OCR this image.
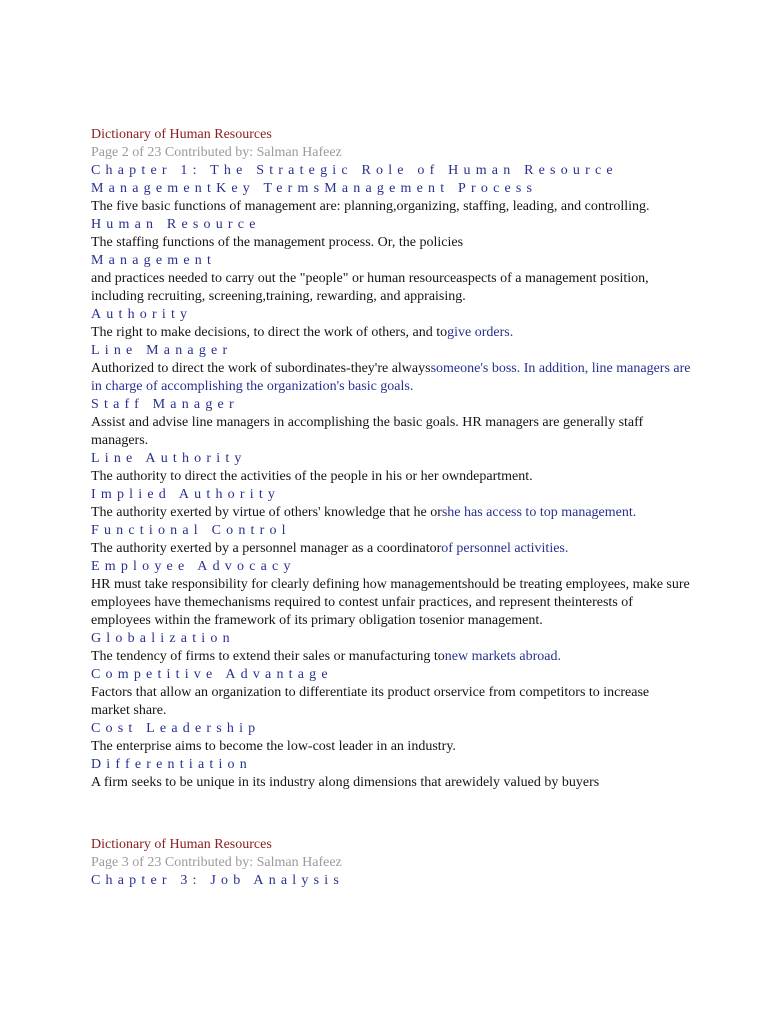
Dictionary of Human Resources
Page 2 of 23 Contributed by: Salman Hafeez
Chapter 1: The Strategic Role of Human Resource
ManagementKey TermsManagement Process
The five basic functions of management are: planning,organizing, staffing, leading, and controlling.
Human Resource
The staffing functions of the management process. Or, the policies
Management
and practices needed to carry out the "people" or human resourceaspects of a management position, including recruiting, screening,training, rewarding, and appraising.
Authority
The right to make decisions, to direct the work of others, and togive orders.
Line Manager
Authorized to direct the work of subordinates-they're alwayssomeone's boss. In addition, line managers are in charge of accomplishing the organization's basic goals.
Staff Manager
Assist and advise line managers in accomplishing the basic goals. HR managers are generally staff managers.
Line Authority
The authority to direct the activities of the people in his or her owndepartment.
Implied Authority
The authority exerted by virtue of others' knowledge that he orshe has access to top management.
Functional Control
The authority exerted by a personnel manager as a coordinatorof personnel activities.
Employee Advocacy
HR must take responsibility for clearly defining how managementshould be treating employees, make sure employees have themechanisms required to contest unfair practices, and represent theinterests of employees within the framework of its primary obligation tosenior management.
Globalization
The tendency of firms to extend their sales or manufacturing tonew markets abroad.
Competitive Advantage
Factors that allow an organization to differentiate its product orservice from competitors to increase market share.
Cost Leadership
The enterprise aims to become the low-cost leader in an industry.
Differentiation
A firm seeks to be unique in its industry along dimensions that arewidely valued by buyers
Dictionary of Human Resources
Page 3 of 23 Contributed by: Salman Hafeez
Chapter 3: Job Analysis
